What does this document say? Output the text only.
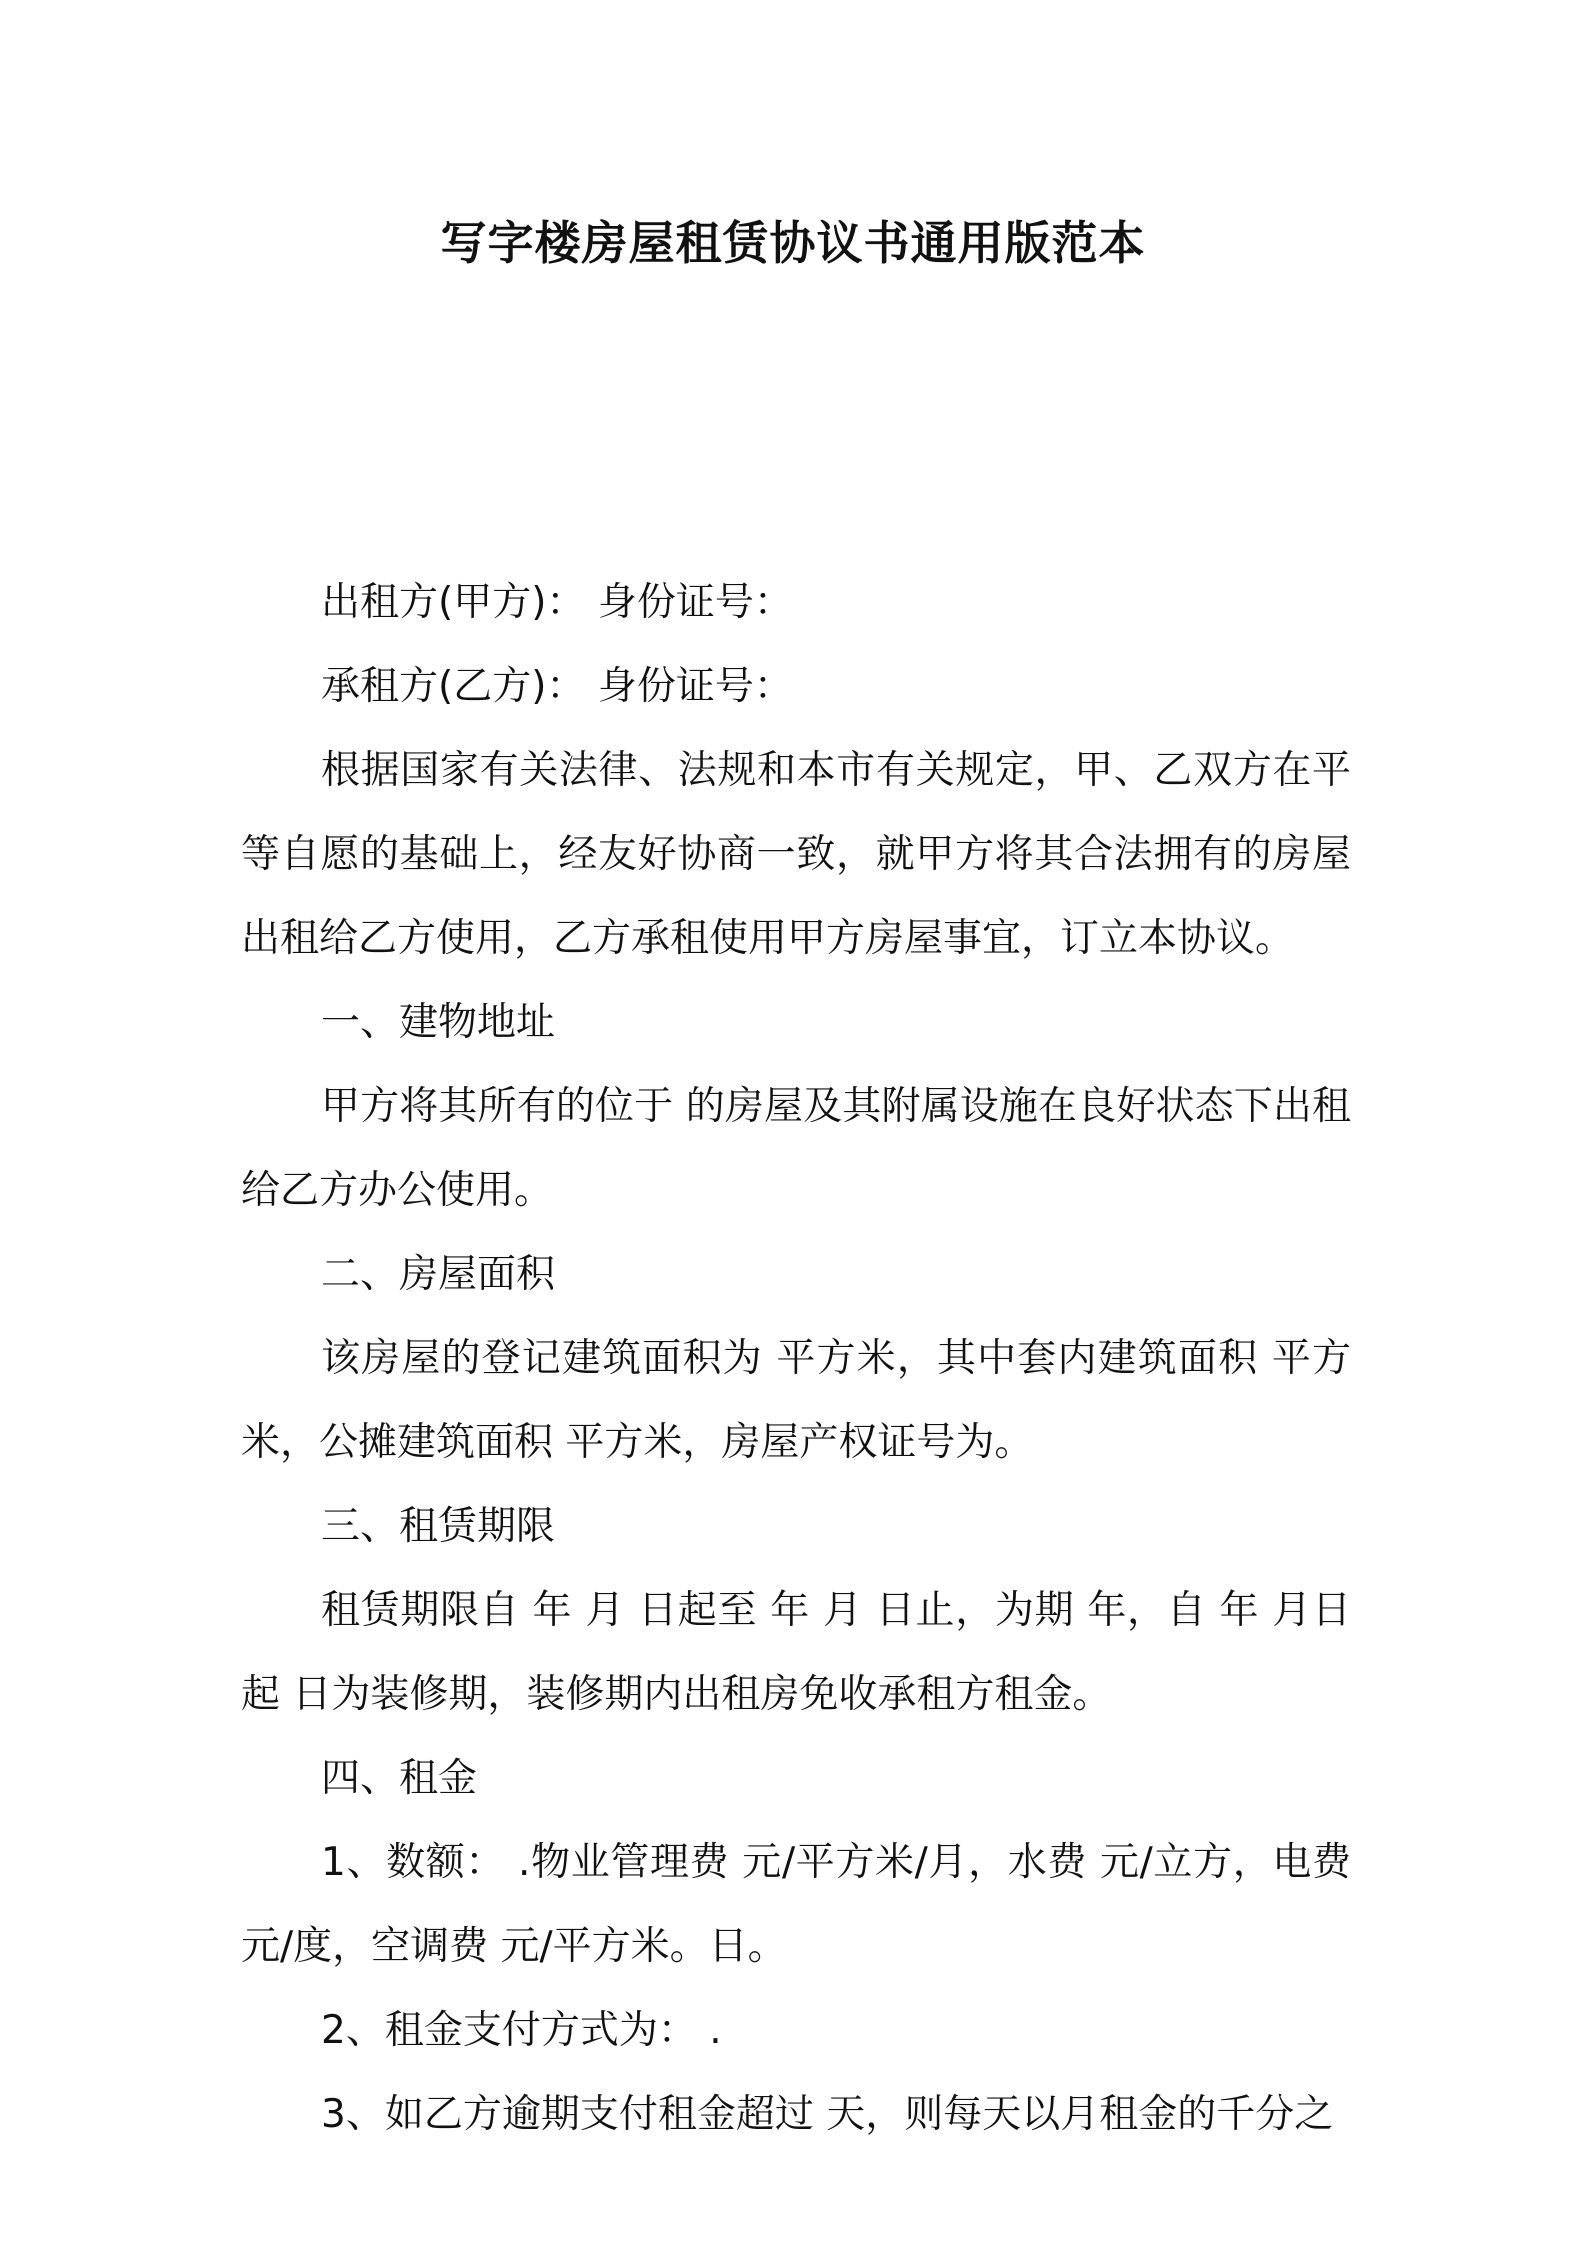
写字楼房屋租赁协议书通用版范本

出租方(甲方)： 身份证号：

承租方(乙方)： 身份证号：

根据国家有关法律、法规和本市有关规定，甲、乙双方在平等自愿的基础上，经友好协商一致，就甲方将其合法拥有的房屋出租给乙方使用，乙方承租使用甲方房屋事宜，订立本协议。

一、建物地址

甲方将其所有的位于 的房屋及其附属设施在良好状态下出租给乙方办公使用。

二、房屋面积

该房屋的登记建筑面积为 平方米，其中套内建筑面积 平方米，公摊建筑面积 平方米，房屋产权证号为。

三、租赁期限

租赁期限自 年 月 日起至 年 月 日止，为期 年，自 年 月日起 日为装修期，装修期内出租房免收承租方租金。

四、租金

1、数额： .物业管理费 元/平方米/月，水费 元/立方，电费 元/度，空调费 元/平方米。日。

2、租金支付方式为： .

3、如乙方逾期支付租金超过 天，则每天以月租金的千分之
